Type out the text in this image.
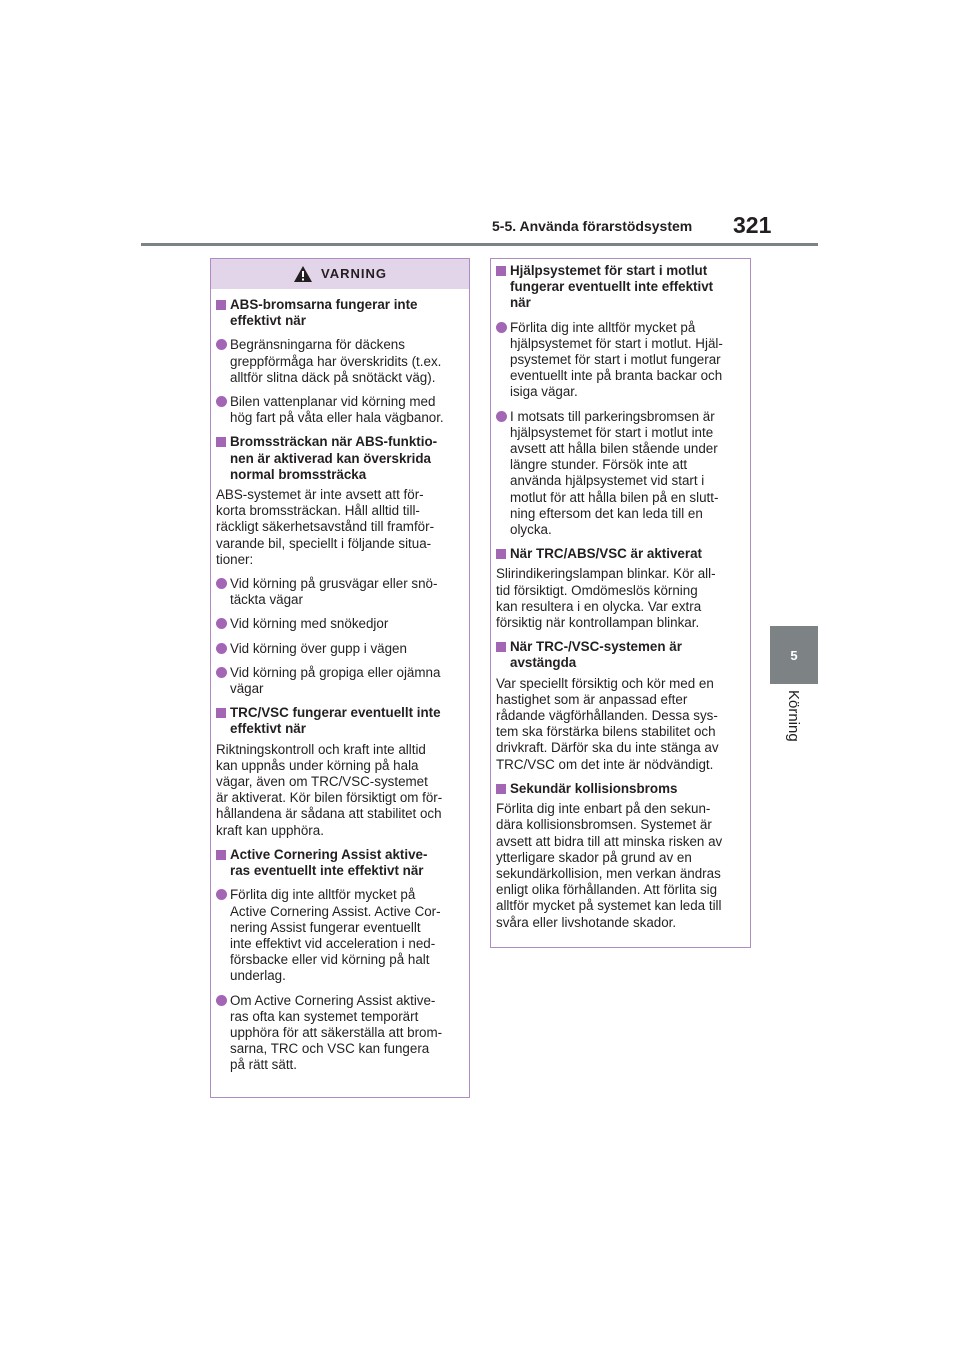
5-5. Använda förarstödsystem 321
5
Körning
VARNING
ABS-bromsarna fungerar inte
effektivt när
Begränsningarna för däckens
greppförmåga har överskridits (t.ex.
alltför slitna däck på snötäckt väg).
Bilen vattenplanar vid körning med
hög fart på våta eller hala vägbanor.
Bromssträckan när ABS-funktio-
nen är aktiverad kan överskrida
normal bromssträcka
ABS-systemet är inte avsett att för-
korta bromssträckan. Håll alltid till-
räckligt säkerhetsavstånd till framför-
varande bil, speciellt i följande situa-
tioner:
Vid körning på grusvägar eller snö-
täckta vägar
Vid körning med snökedjor
Vid körning över gupp i vägen
Vid körning på gropiga eller ojämna
vägar
TRC/VSC fungerar eventuellt inte
effektivt när
Riktningskontroll och kraft inte alltid
kan uppnås under körning på hala
vägar, även om TRC/VSC-systemet
är aktiverat. Kör bilen försiktigt om för-
hållandena är sådana att stabilitet och
kraft kan upphöra.
Active Cornering Assist aktive-
ras eventuellt inte effektivt när
Förlita dig inte alltför mycket på
Active Cornering Assist. Active Cor-
nering Assist fungerar eventuellt
inte effektivt vid acceleration i ned-
försbacke eller vid körning på halt
underlag.
Om Active Cornering Assist aktive-
ras ofta kan systemet temporärt
upphöra för att säkerställa att brom-
sarna, TRC och VSC kan fungera
på rätt sätt.
Hjälpsystemet för start i motlut
fungerar eventuellt inte effektivt
när
Förlita dig inte alltför mycket på
hjälpsystemet för start i motlut. Hjäl-
psystemet för start i motlut fungerar
eventuellt inte på branta backar och
isiga vägar.
I motsats till parkeringsbromsen är
hjälpsystemet för start i motlut inte
avsett att hålla bilen stående under
längre stunder. Försök inte att
använda hjälpsystemet vid start i
motlut för att hålla bilen på en slutt-
ning eftersom det kan leda till en
olycka.
När TRC/ABS/VSC är aktiverat
Slirindikeringslampan blinkar. Kör all-
tid försiktigt. Omdömeslös körning
kan resultera i en olycka. Var extra
försiktig när kontrollampan blinkar.
När TRC-/VSC-systemen är
avstängda
Var speciellt försiktig och kör med en
hastighet som är anpassad efter
rådande vägförhållanden. Dessa sys-
tem ska förstärka bilens stabilitet och
drivkraft. Därför ska du inte stänga av
TRC/VSC om det inte är nödvändigt.
Sekundär kollisionsbroms
Förlita dig inte enbart på den sekun-
dära kollisionsbromsen. Systemet är
avsett att bidra till att minska risken av
ytterligare skador på grund av en
sekundärkollision, men verkan ändras
enligt olika förhållanden. Att förlita sig
alltför mycket på systemet kan leda till
svåra eller livshotande skador.
